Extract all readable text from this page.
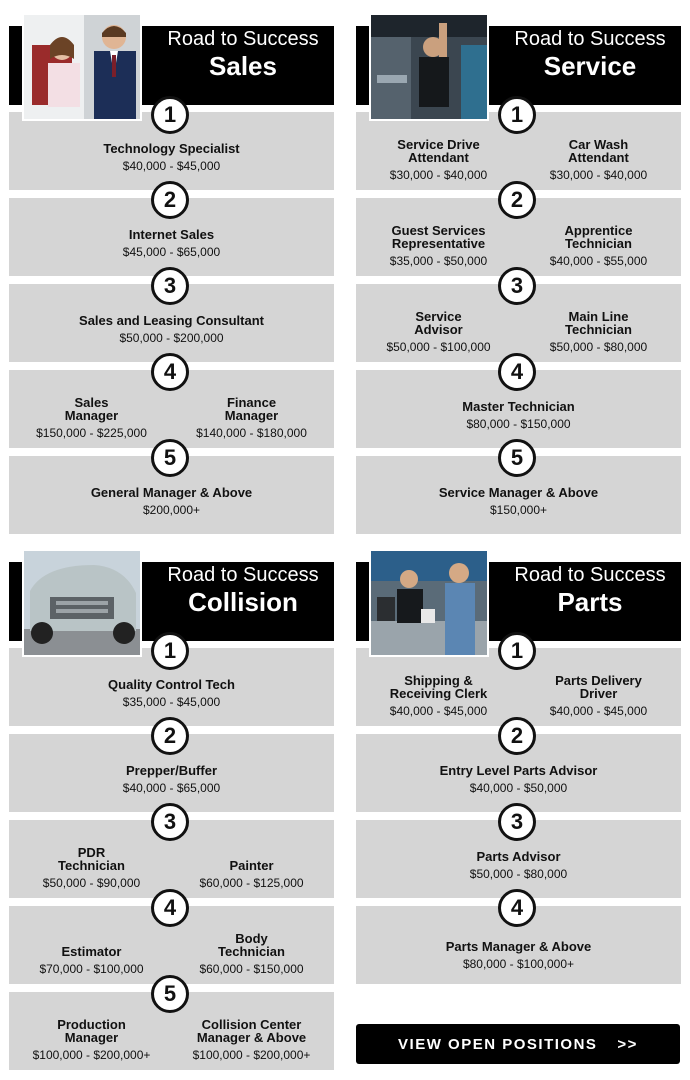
Road to Success
Sales
Technology Specialist
$40,000 - $45,000
1
Internet Sales
$45,000 - $65,000
2
Sales and Leasing Consultant
$50,000 - $200,000
3
Sales
Manager
$150,000 - $225,000
Finance
Manager
$140,000 - $180,000
4
General Manager & Above
$200,000+
5
Road to Success
Service
Service Drive
Attendant
$30,000 - $40,000
Car Wash
Attendant
$30,000 - $40,000
1
Guest Services
Representative
$35,000 - $50,000
Apprentice
Technician
$40,000 - $55,000
2
Service
Advisor
$50,000 - $100,000
Main Line
Technician
$50,000 - $80,000
3
Master Technician
$80,000 - $150,000
4
Service Manager & Above
$150,000+
5
Road to Success
Collision
Quality Control Tech
$35,000 - $45,000
1
Prepper/Buffer
$40,000 - $65,000
2
PDR
Technician
$50,000 - $90,000
Painter
$60,000 - $125,000
3
Estimator
$70,000 - $100,000
Body
Technician
$60,000 - $150,000
4
Production
Manager
$100,000 - $200,000+
Collision Center
Manager & Above
$100,000 - $200,000+
5
Road to Success
Parts
Shipping &
Receiving Clerk
$40,000 - $45,000
Parts Delivery
Driver
$40,000 - $45,000
1
Entry Level Parts Advisor
$40,000 - $50,000
2
Parts Advisor
$50,000 - $80,000
3
Parts Manager & Above
$80,000 - $100,000+
4
VIEW OPEN POSITIONS >>
